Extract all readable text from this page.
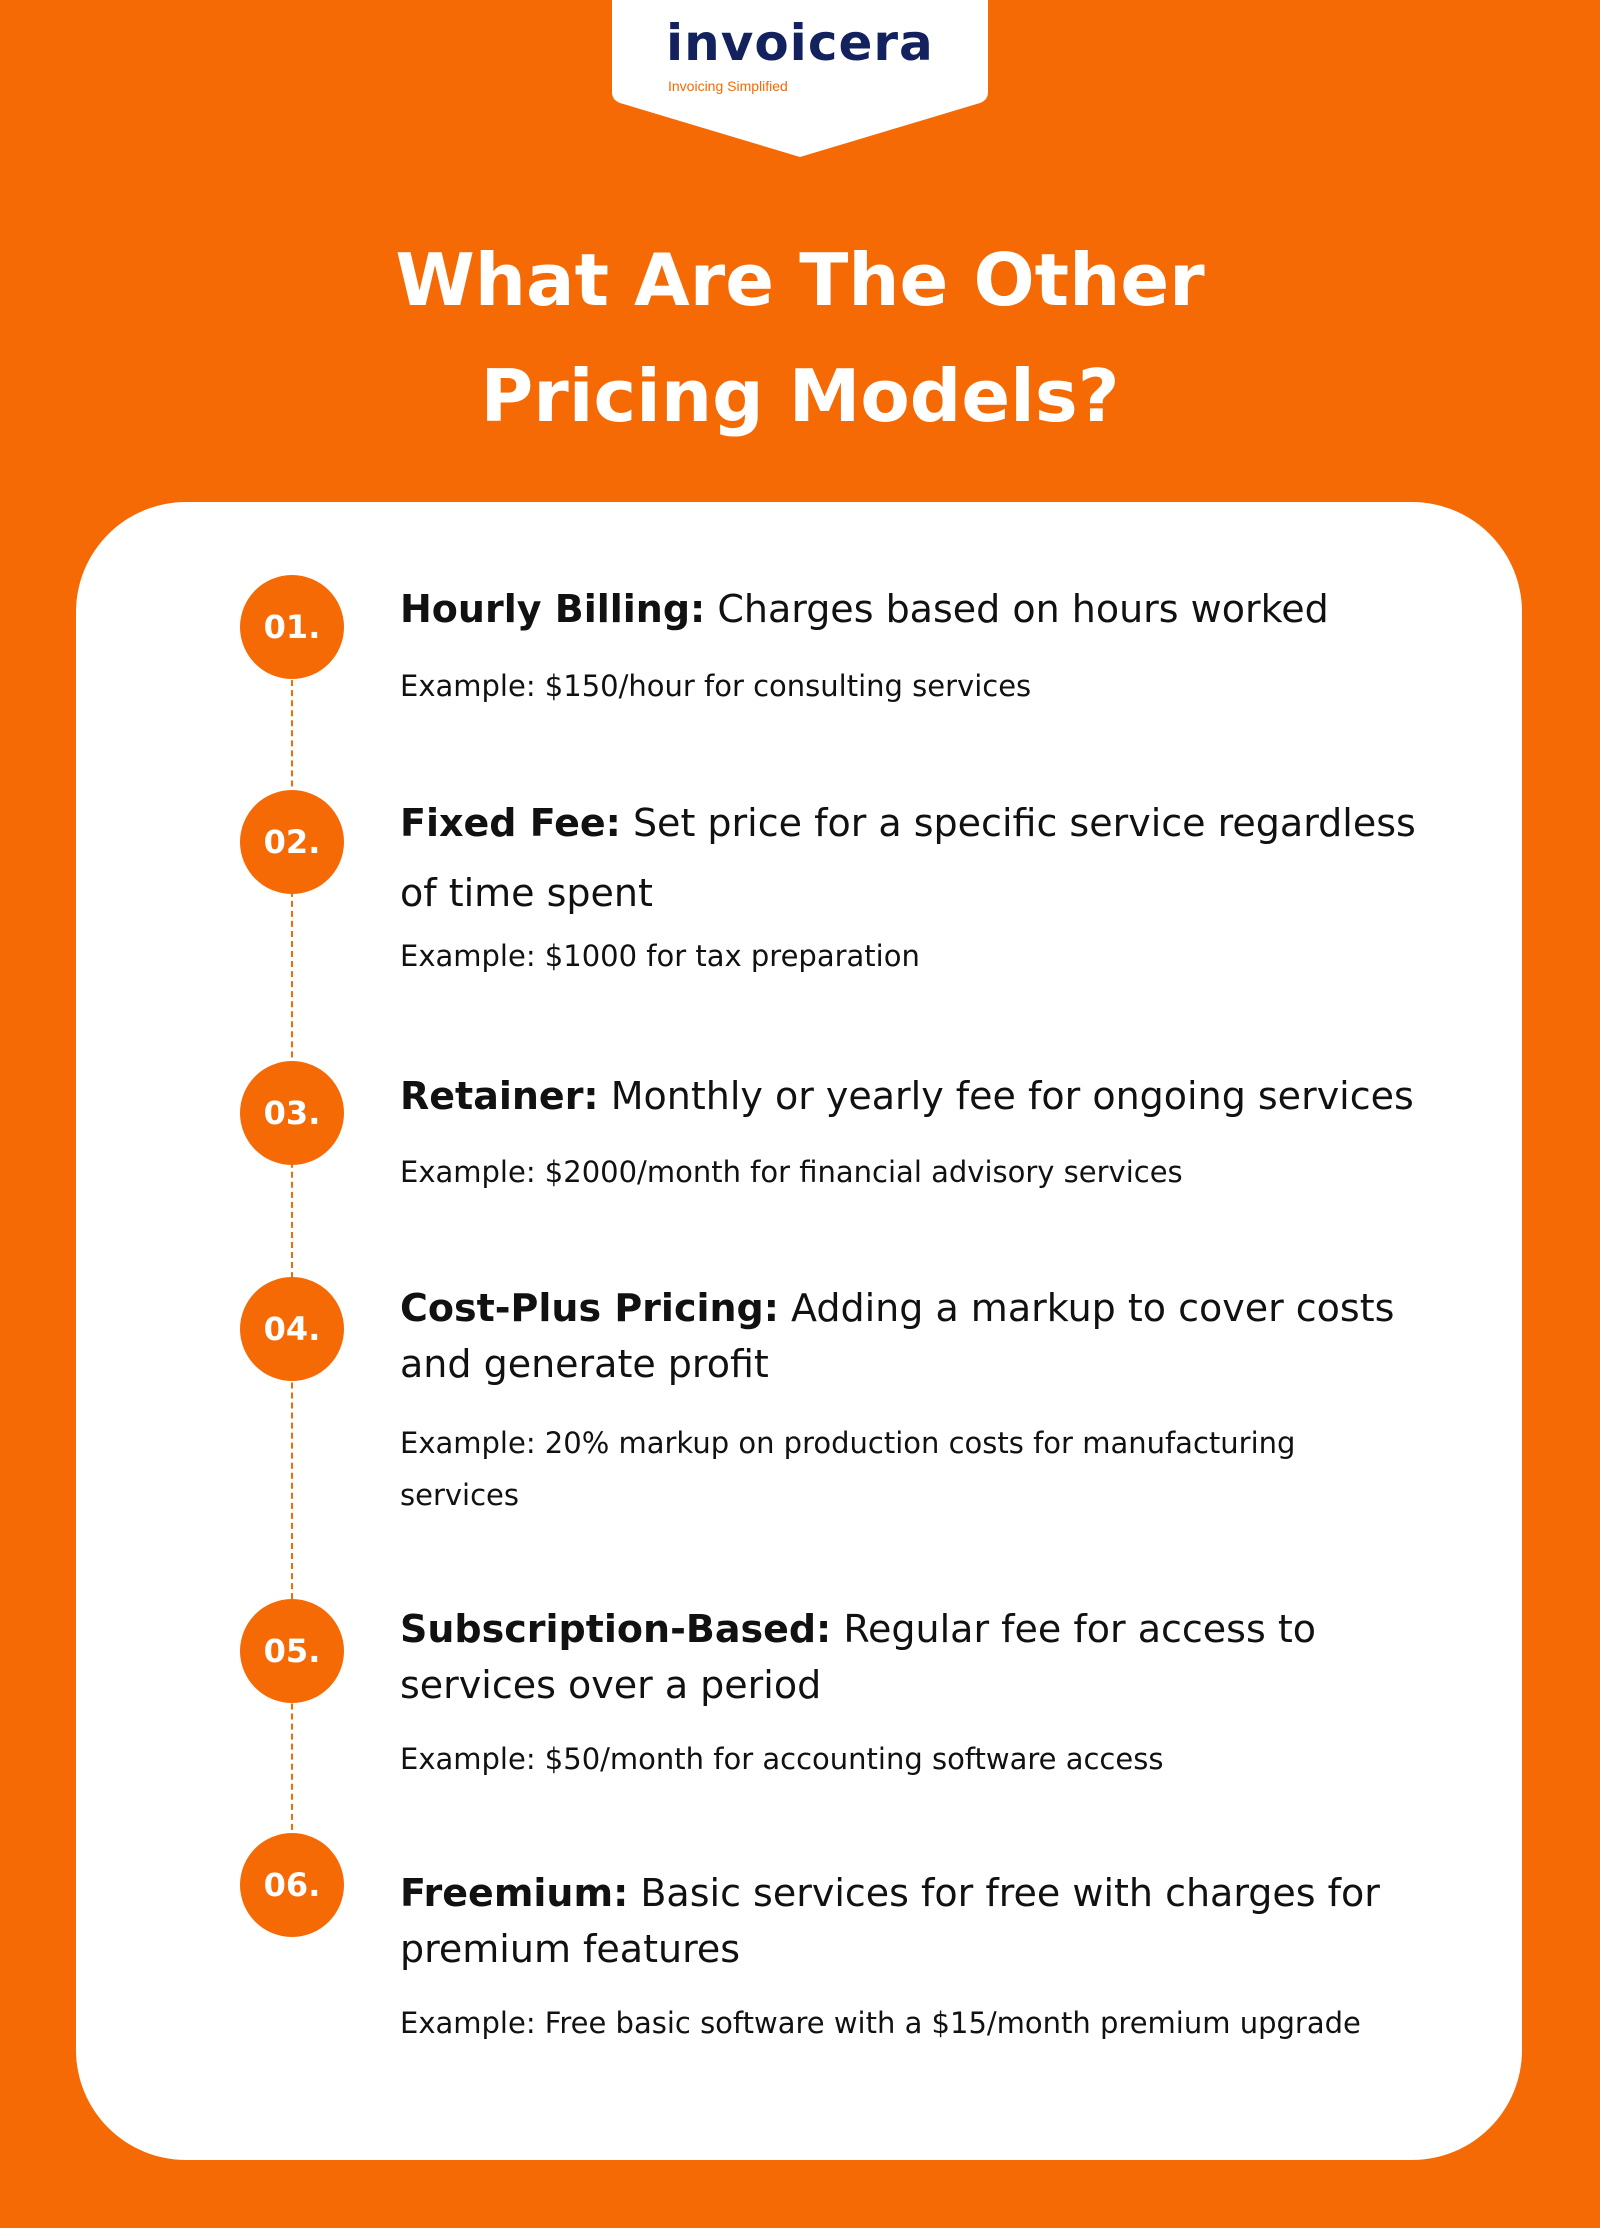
invoicera
Invoicing Simplified
What Are The Other
Pricing Models?
01.	Hourly Billing: Charges based on hours worked
Example: $150/hour for consulting services
02.	Fixed Fee: Set price for a specific service regardless of time spent
Example: $1000 for tax preparation
03.	Retainer: Monthly or yearly fee for ongoing services
Example: $2000/month for financial advisory services
04.	Cost-Plus Pricing: Adding a markup to cover costs and generate profit
Example: 20% markup on production costs for manufacturing services
05.	Subscription-Based: Regular fee for access to services over a period
Example: $50/month for accounting software access
06.	Freemium: Basic services for free with charges for premium features
Example: Free basic software with a $15/month premium upgrade
